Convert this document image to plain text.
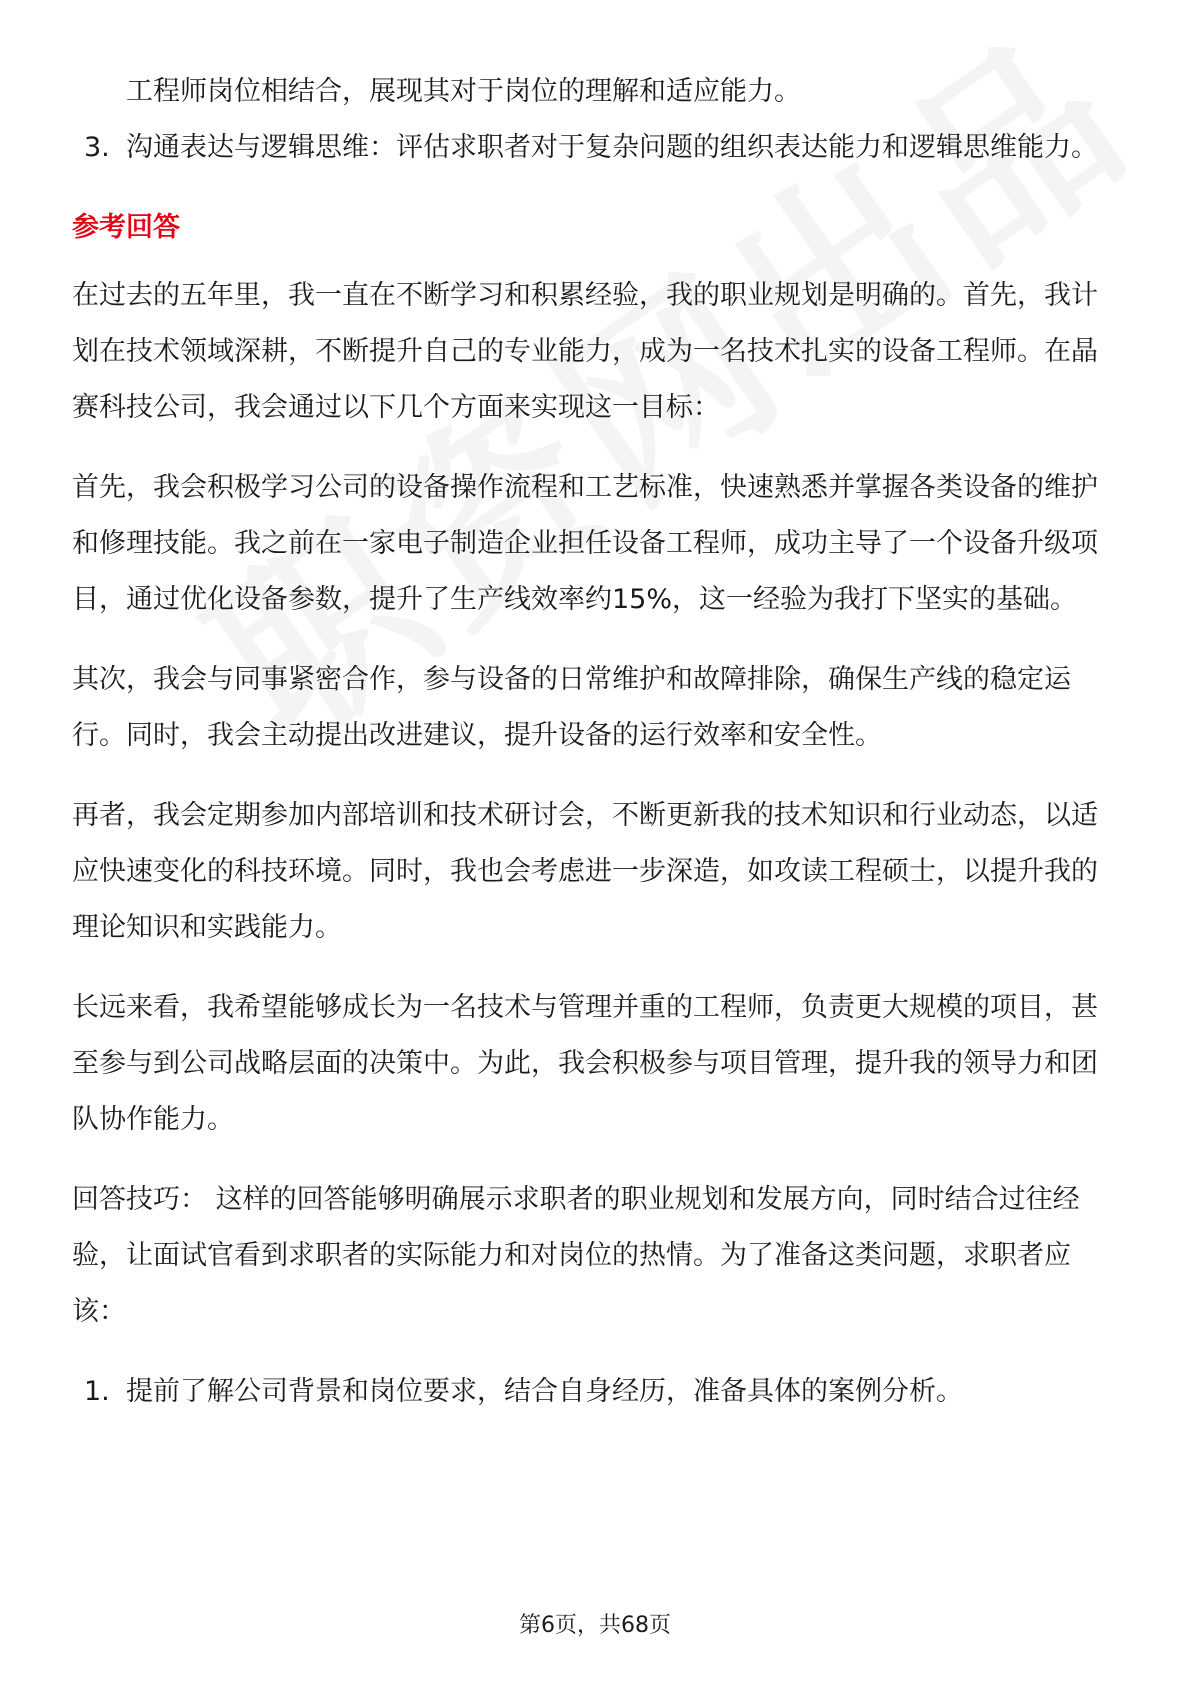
工程师岗位相结合，展现其对于岗位的理解和适应能力。

3. 沟通表达与逻辑思维：评估求职者对于复杂问题的组织表达能力和逻辑思维能力。
参考回答

在过去的五年里，我一直在不断学习和积累经验，我的职业规划是明确的。首先，我计划在技术领域深耕，不断提升自己的专业能力，成为一名技术扎实的设备工程师。在晶赛科技公司，我会通过以下几个方面来实现这一目标：

首先，我会积极学习公司的设备操作流程和工艺标准，快速熟悉并掌握各类设备的维护和修理技能。我之前在一家电子制造企业担任设备工程师，成功主导了一个设备升级项目，通过优化设备参数，提升了生产线效率约15%，这一经验为我打下坚实的基础。

其次，我会与同事紧密合作，参与设备的日常维护和故障排除，确保生产线的稳定运行。同时，我会主动提出改进建议，提升设备的运行效率和安全性。

再者，我会定期参加内部培训和技术研讨会，不断更新我的技术知识和行业动态，以适应快速变化的科技环境。同时，我也会考虑进一步深造，如攻读工程硕士，以提升我的理论知识和实践能力。

长远来看，我希望能够成长为一名技术与管理并重的工程师，负责更大规模的项目，甚至参与到公司战略层面的决策中。为此，我会积极参与项目管理，提升我的领导力和团队协作能力。

回答技巧： 这样的回答能够明确展示求职者的职业规划和发展方向，同时结合过往经验，让面试官看到求职者的实际能力和对岗位的热情。为了准备这类问题，求职者应该：

1. 提前了解公司背景和岗位要求，结合自身经历，准备具体的案例分析。
第6页，共68页
